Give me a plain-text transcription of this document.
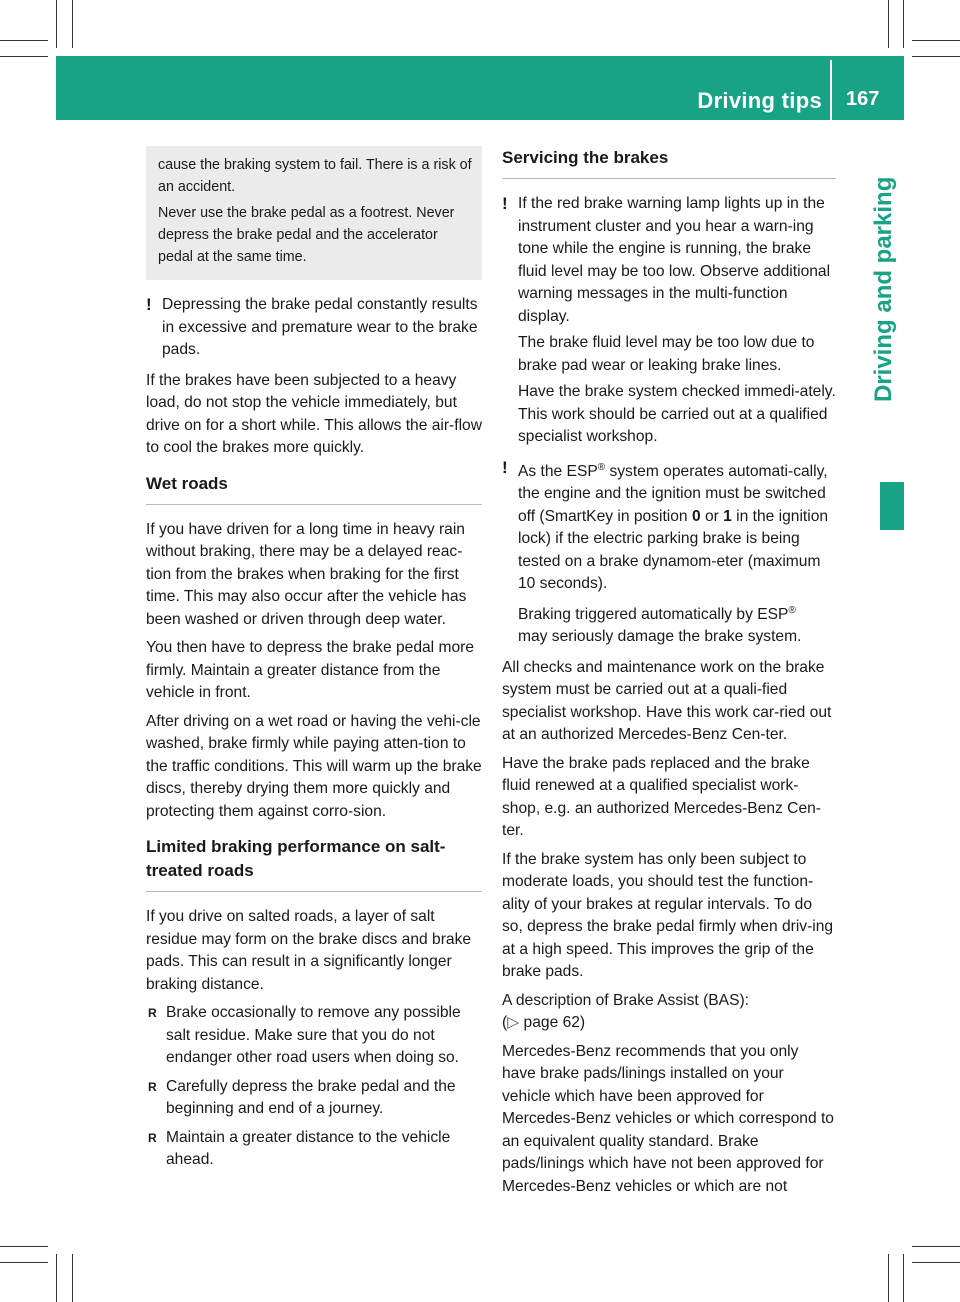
Driving tips 167
Driving and parking

cause the braking system to fail. There is a risk of an accident.

Never use the brake pedal as a footrest. Never depress the brake pedal and the accelerator pedal at the same time.

! Depressing the brake pedal constantly results in excessive and premature wear to the brake pads.

If the brakes have been subjected to a heavy load, do not stop the vehicle immediately, but drive on for a short while. This allows the air-flow to cool the brakes more quickly.

Wet roads

If you have driven for a long time in heavy rain without braking, there may be a delayed reac-tion from the brakes when braking for the first time. This may also occur after the vehicle has been washed or driven through deep water.

You then have to depress the brake pedal more firmly. Maintain a greater distance from the vehicle in front.

After driving on a wet road or having the vehi-cle washed, brake firmly while paying atten-tion to the traffic conditions. This will warm up the brake discs, thereby drying them more quickly and protecting them against corro-sion.

Limited braking performance on salt-treated roads

If you drive on salted roads, a layer of salt residue may form on the brake discs and brake pads. This can result in a significantly longer braking distance.

R Brake occasionally to remove any possible salt residue. Make sure that you do not endanger other road users when doing so.
R Carefully depress the brake pedal and the beginning and end of a journey.
R Maintain a greater distance to the vehicle ahead.
Servicing the brakes
! If the red brake warning lamp lights up in the instrument cluster and you hear a warn-ing tone while the engine is running, the brake fluid level may be too low. Observe additional warning messages in the multi-function display.

The brake fluid level may be too low due to brake pad wear or leaking brake lines.

Have the brake system checked immedi-ately. This work should be carried out at a qualified specialist workshop.

! As the ESP® system operates automati-cally, the engine and the ignition must be switched off (SmartKey in position 0 or 1 in the ignition lock) if the electric parking brake is being tested on a brake dynamom-eter (maximum 10 seconds).

Braking triggered automatically by ESP®
may seriously damage the brake system.

All checks and maintenance work on the brake system must be carried out at a quali-fied specialist workshop. Have this work car-ried out at an authorized Mercedes-Benz Cen-ter.

Have the brake pads replaced and the brake fluid renewed at a qualified specialist work-shop, e.g. an authorized Mercedes-Benz Cen-ter.

If the brake system has only been subject to moderate loads, you should test the function-ality of your brakes at regular intervals. To do so, depress the brake pedal firmly when driv-ing at a high speed. This improves the grip of the brake pads.

A description of Brake Assist (BAS):
(▷ page 62)

Mercedes-Benz recommends that you only have brake pads/linings installed on your vehicle which have been approved for Mercedes-Benz vehicles or which correspond to an equivalent quality standard. Brake pads/linings which have not been approved for Mercedes-Benz vehicles or which are not
